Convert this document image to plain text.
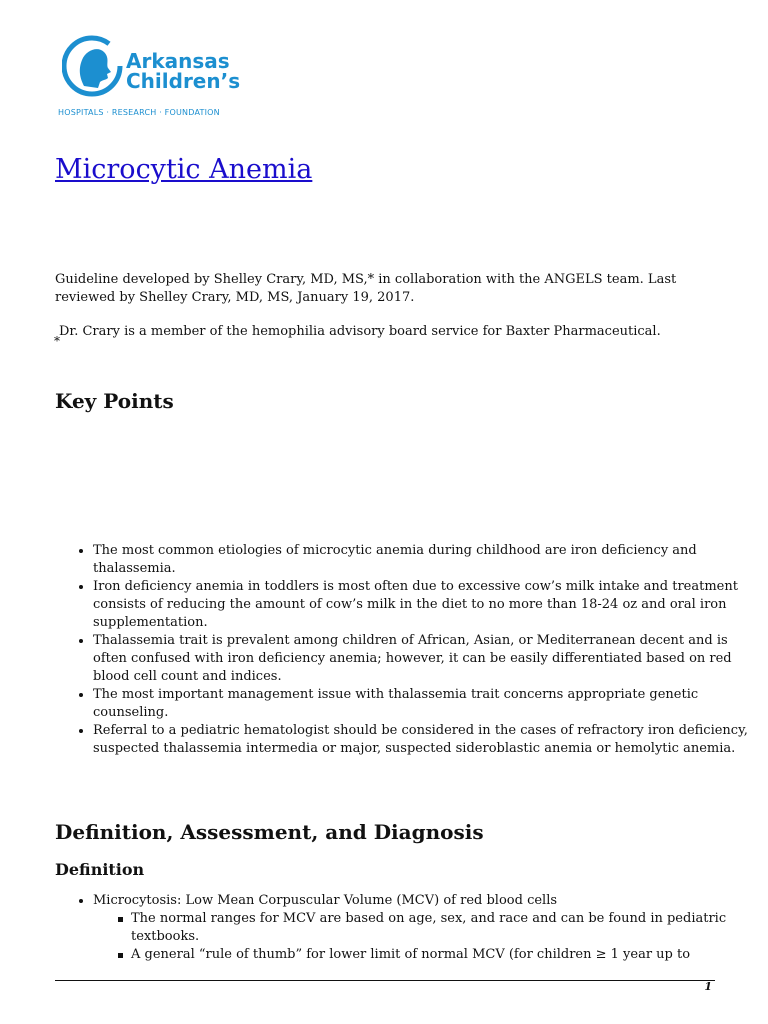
Arkansas
Children’s
HOSPITALS · RESEARCH · FOUNDATION
Microcytic Anemia

Guideline developed by Shelley Crary, MD, MS,* in collaboration with the ANGELS team. Last reviewed by Shelley Crary, MD, MS, January 19, 2017.

*

Dr. Crary is a member of the hemophilia advisory board service for Baxter Pharmaceutical.

Key Points
• The most common etiologies of microcytic anemia during childhood are iron deficiency and thalassemia.
• Iron deficiency anemia in toddlers is most often due to excessive cow’s milk intake and treatment consists of reducing the amount of cow’s milk in the diet to no more than 18-24 oz and oral iron supplementation.
• Thalassemia trait is prevalent among children of African, Asian, or Mediterranean decent and is often confused with iron deficiency anemia; however, it can be easily differentiated based on red blood cell count and indices.
• The most important management issue with thalassemia trait concerns appropriate genetic counseling.
• Referral to a pediatric hematologist should be considered in the cases of refractory iron deficiency, suspected thalassemia intermedia or major, suspected sideroblastic anemia or hemolytic anemia.
Definition, Assessment, and Diagnosis
Definition
• Microcytosis: Low Mean Corpuscular Volume (MCV) of red blood cells
The normal ranges for MCV are based on age, sex, and race and can be found in pediatric textbooks.
A general “rule of thumb” for lower limit of normal MCV (for children ≥ 1 year up to
1
